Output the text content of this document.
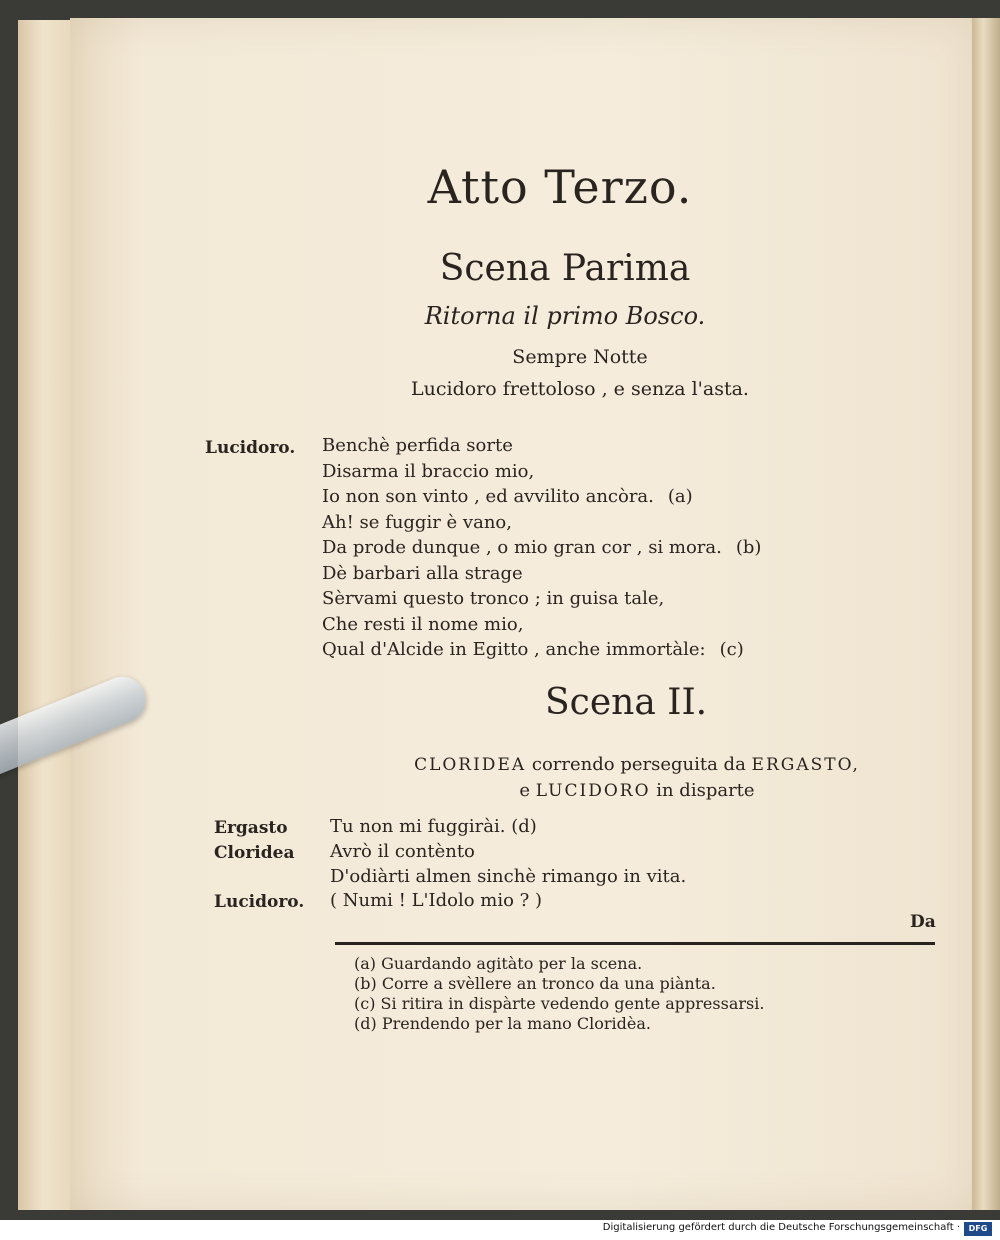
Atto Terzo.
Scena Parima
Ritorna il primo Bosco.
Sempre Notte
Lucidoro frettoloso , e senza l'asta.
Lucidoro. Benchè perfida sorte
Disarma il braccio mio,
Io non son vinto , ed avvilito ancòra. (a)
Ah! se fuggir è vano,
Da prode dunque , o mio gran cor , si mora. (b)
Dè barbari alla strage
Sèrvami questo tronco ; in guisa tale,
Che resti il nome mio,
Qual d'Alcide in Egitto , anche immortàle: (c)
Scena II.
CLORIDEA correndo perseguita da ERGASTO,
e LUCIDORO in disparte
Ergasto Tu non mi fuggirài. (d)
Cloridea Avrò il contènto
D'odiàrti almen sinchè rimango in vita.
Lucidoro. ( Numi ! L'Idolo mio ? )
Da
(a) Guardando agitàto per la scena.
(b) Corre a svèllere an tronco da una piànta.
(c) Si ritira in dispàrte vedendo gente appressarsi.
(d) Prendendo per la mano Cloridèa.
Digitalisierung gefördert durch die Deutsche Forschungsgemeinschaft ·	DFG
